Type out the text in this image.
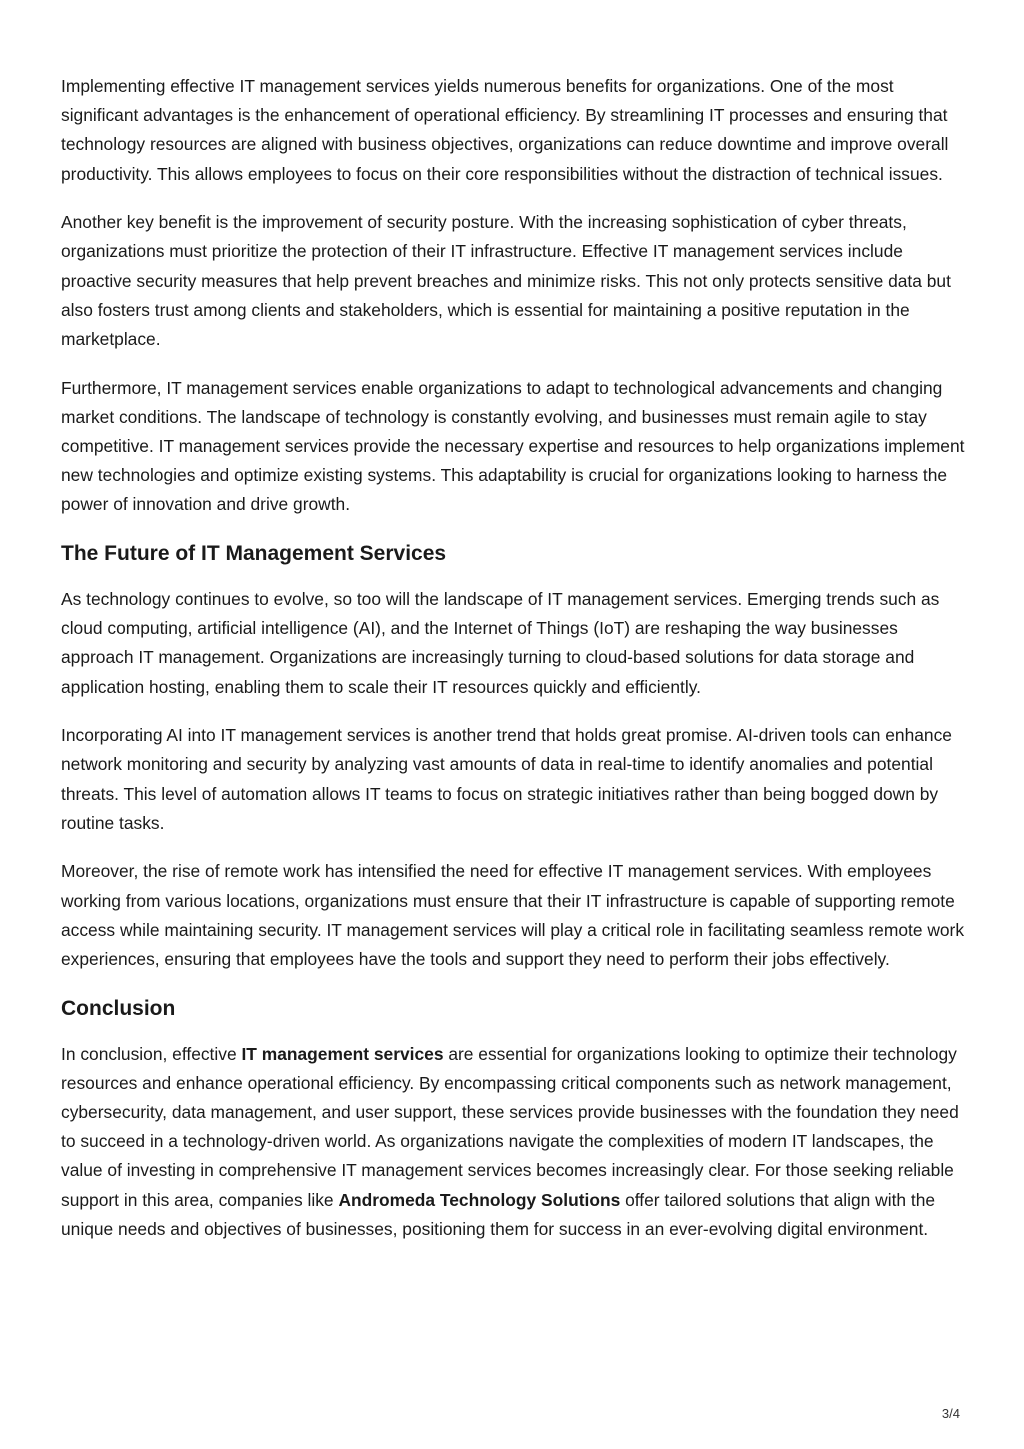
Implementing effective IT management services yields numerous benefits for organizations. One of the most significant advantages is the enhancement of operational efficiency. By streamlining IT processes and ensuring that technology resources are aligned with business objectives, organizations can reduce downtime and improve overall productivity. This allows employees to focus on their core responsibilities without the distraction of technical issues.

Another key benefit is the improvement of security posture. With the increasing sophistication of cyber threats, organizations must prioritize the protection of their IT infrastructure. Effective IT management services include proactive security measures that help prevent breaches and minimize risks. This not only protects sensitive data but also fosters trust among clients and stakeholders, which is essential for maintaining a positive reputation in the marketplace.

Furthermore, IT management services enable organizations to adapt to technological advancements and changing market conditions. The landscape of technology is constantly evolving, and businesses must remain agile to stay competitive. IT management services provide the necessary expertise and resources to help organizations implement new technologies and optimize existing systems. This adaptability is crucial for organizations looking to harness the power of innovation and drive growth.

The Future of IT Management Services

As technology continues to evolve, so too will the landscape of IT management services. Emerging trends such as cloud computing, artificial intelligence (AI), and the Internet of Things (IoT) are reshaping the way businesses approach IT management. Organizations are increasingly turning to cloud-based solutions for data storage and application hosting, enabling them to scale their IT resources quickly and efficiently.

Incorporating AI into IT management services is another trend that holds great promise. AI-driven tools can enhance network monitoring and security by analyzing vast amounts of data in real-time to identify anomalies and potential threats. This level of automation allows IT teams to focus on strategic initiatives rather than being bogged down by routine tasks.

Moreover, the rise of remote work has intensified the need for effective IT management services. With employees working from various locations, organizations must ensure that their IT infrastructure is capable of supporting remote access while maintaining security. IT management services will play a critical role in facilitating seamless remote work experiences, ensuring that employees have the tools and support they need to perform their jobs effectively.

Conclusion

In conclusion, effective IT management services are essential for organizations looking to optimize their technology resources and enhance operational efficiency. By encompassing critical components such as network management, cybersecurity, data management, and user support, these services provide businesses with the foundation they need to succeed in a technology-driven world. As organizations navigate the complexities of modern IT landscapes, the value of investing in comprehensive IT management services becomes increasingly clear. For those seeking reliable support in this area, companies like Andromeda Technology Solutions offer tailored solutions that align with the unique needs and objectives of businesses, positioning them for success in an ever-evolving digital environment.

3/4
